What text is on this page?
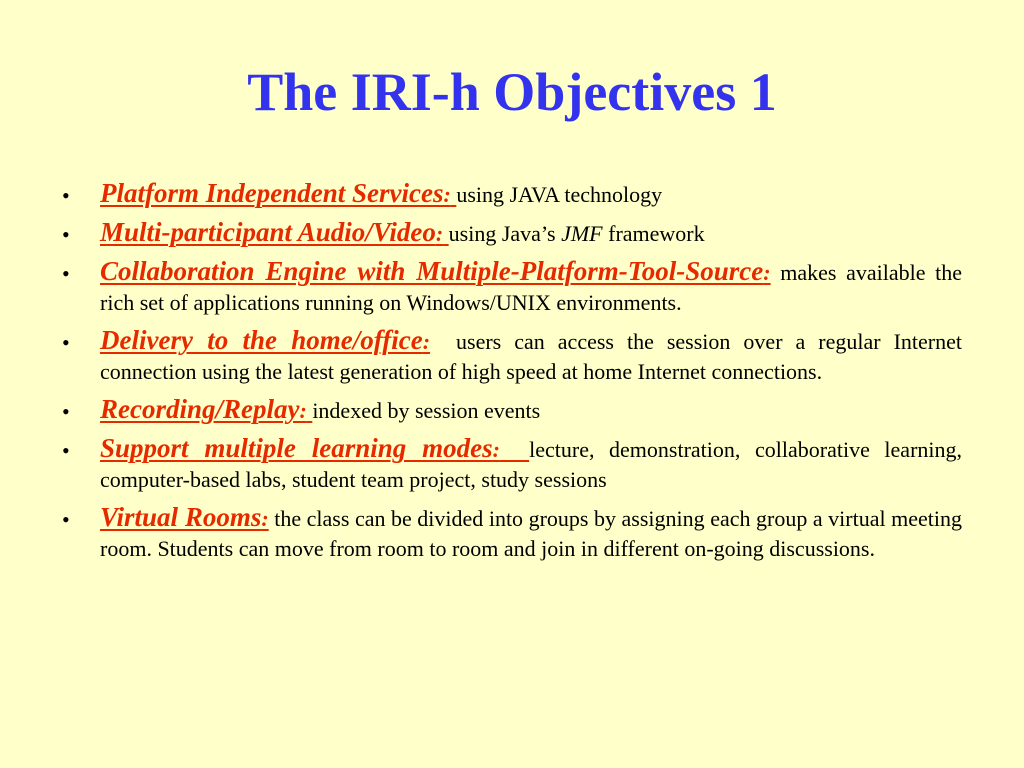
The IRI-h Objectives 1
• Platform Independent Services: using JAVA technology
• Multi-participant Audio/Video: using Java’s JMF framework
• Collaboration Engine with Multiple-Platform-Tool-Source: makes available the rich set of applications running on Windows/UNIX environments.
• Delivery to the home/office: users can access the session over a regular Internet connection using the latest generation of high speed at home Internet connections.
• Recording/Replay: indexed by session events
• Support multiple learning modes: lecture, demonstration, collaborative learning, computer-based labs, student team project, study sessions
• Virtual Rooms: the class can be divided into groups by assigning each group a virtual meeting room. Students can move from room to room and join in different on-going discussions.
